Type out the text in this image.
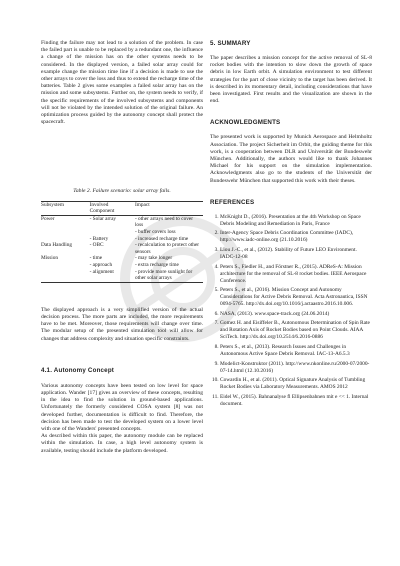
Finding the failure may not lead to a solution of the problem. In case the failed part is unable to be replaced by a redundant one, the influence a change of the mission has on the other systems needs to be considered. In the displayed version, a failed solar array could for example change the mission time line if a decision is made to use the other arrays to cover the loss and thus to extend the recharge time of the batteries. Table 2 gives some examples a failed solar array has on the mission and some subsystems. Further on, the system needs to verify, if the specific requirements of the involved subsystems and components will not be violated by the intended solution of the original failure. An optimization process guided by the autonomy concept shall protect the spacecraft.

Table 2. Failure scenario: solar array fails.

Subsystem	Involved Component	Impact
Power	- Solar array	- other arrays need to cover loss
		- buffer covers loss
	- Battery	- increased recharge time
Data Handling	- OBC	- recalculation to protect other sensors
Mission	- time	- may take longer
	- approach	- extra recharge time
	- alignment	- provide more sunlight for other solar arrays

The displayed approach is a very simplified version of the actual decision process. The more parts are included, the more requirements have to be met. Moreover, those requirements will change over time. The modular setup of the presented simulation tool will allow for changes that address complexity and situation specific constraints.

4.1. Autonomy Concept

Various autonomy concepts have been tested on low level for space application. Wander [17] gives an overview of these concepts, resulting in the idea to find the solution in ground-based applications. Unfortunately the formerly considered COSA system [8] was not developed further, documentation is difficult to find. Therefore, the decision has been made to test the developed system on a lower level with one of the Wanders' presented concepts.

As described within this paper, the autonomy module can be replaced within the simulation. In case, a high level autonomy system is available, testing should include the platform developed.

5. SUMMARY

The paper describes a mission concept for the active removal of SL-8 rocket bodies with the intention to slow down the growth of space debris in low Earth orbit. A simulation environment to test different strategies for the part of close vicinity to the target has been derived. It is described in its momentary detail, including considerations that have been investigated. First results and the visualization are shown in the end.

ACKNOWLEDGMENTS

The presented work is supported by Munich Aerospace and Helmholtz Association. The project Sicherheit im Orbit, the guiding theme for this work, is a cooperation between DLR and Universität der Bundeswehr München. Additionally, the authors would like to thank Johannes Michael for his support on the simulation implementation. Acknowledgments also go to the students of the Universität der Bundeswehr München that supported this work with their theses.

REFERENCES
1. McKnight D., (2016). Presentation at the 4th Workshop on Space Debris Modeling and Remediation in Paris, France
2. Inter-Agency Space Debris Coordination Committee (IADC), http://www.iadc-online.org (21.10.2016)
3. Liou J.-C., et al., (2012). Stability of Future LEO Environment. IADC-12-08
4. Peters S., Fiedler H., and Förstner R., (2015). ADReS-A: Mission architecture for the removal of SL-8 rocket bodies. IEEE Aerospace Conference.
5. Peters S., et al., (2016). Mission Concept and Autonomy Considerations for Active Debris Removal. Acta Astronautica, ISSN 0094-5765. http://dx.doi.org/10.1016/j.actaastro.2016.10.006.
6. NASA, (2013). www.space-track.org (24.06.2014)
7. Gomez H. and Eisiffeler B., Autonomous Determination of Spin Rate and Rotation Axis of Rocket Bodies based on Point Clouds. AIAA SciTech. http://dx.doi.org/10.2514/6.2016-0886
8. Peters S., et al., (2013). Research Issues and Challenges in Autonomous Active Space Debris Removal. IAC-13-A6.5.3
9. Modelict-Konstruktor (2011). http://www.nkonline.ru/2000-07/2000-07-14.html (12.10.2016)
10. Cowardin H., et al. (2011). Optical Signature Analysis of Tumbling Rocket Bodies via Laboratory Measurements. AMOS 2012
11. Eidel W., (2015). Bahnanalyse fl Ellipsenbahnen mit e << 1. Internal document.
